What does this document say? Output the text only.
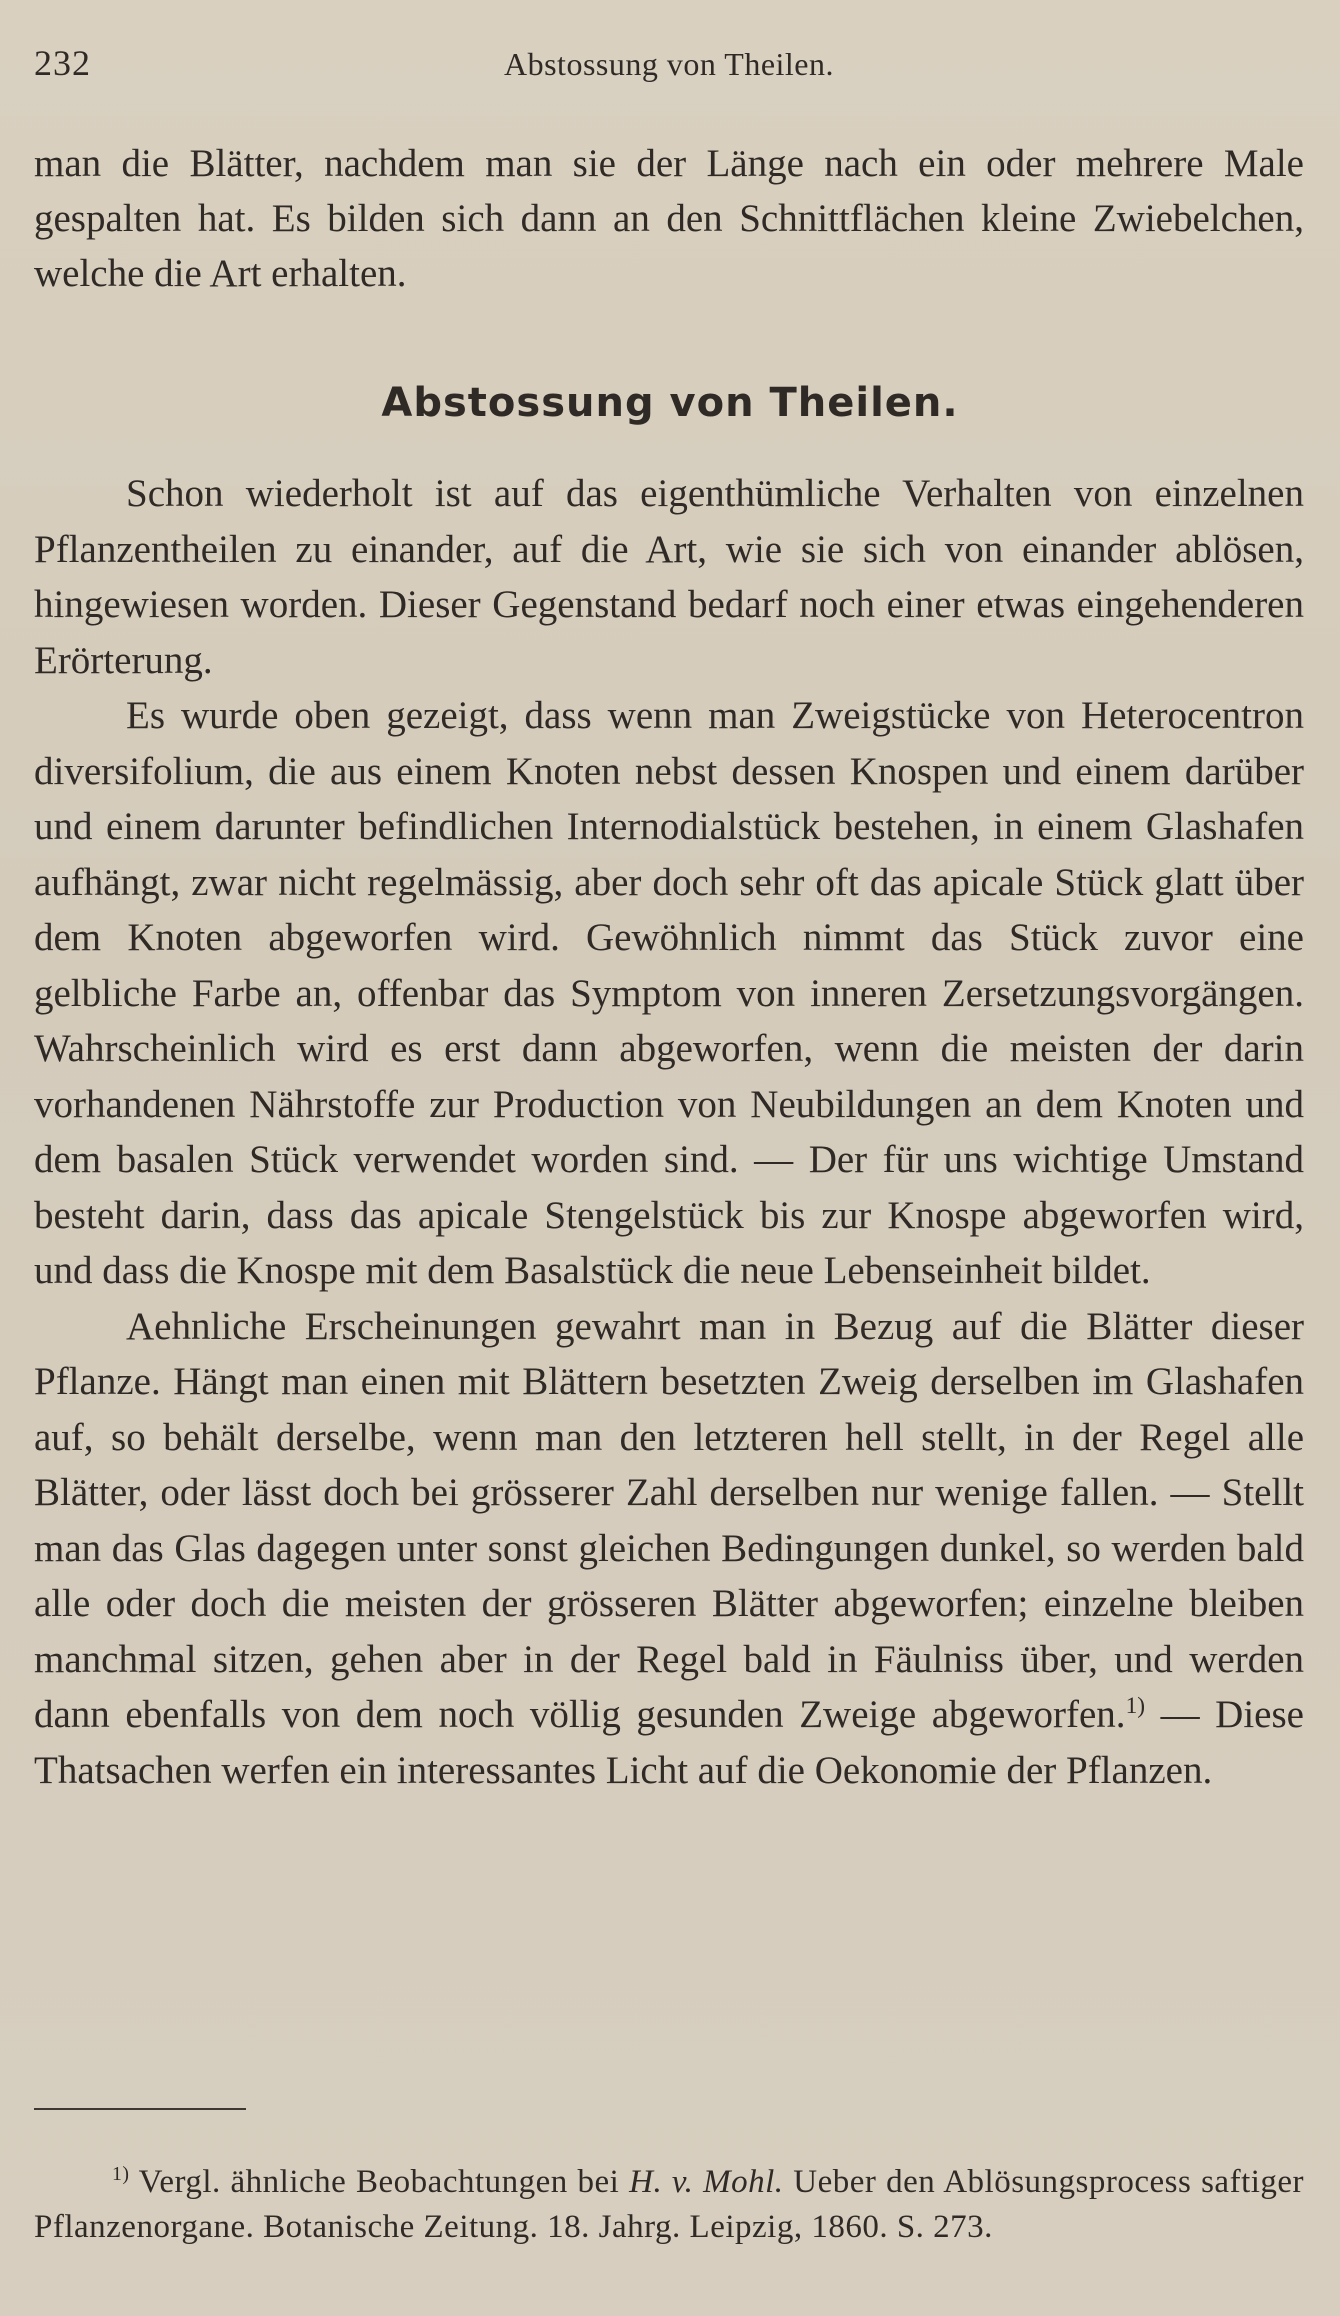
232	Abstossung von Theilen.

man die Blätter, nachdem man sie der Länge nach ein oder mehrere Male gespalten hat. Es bilden sich dann an den Schnittflächen kleine Zwiebelchen, welche die Art erhalten.

Abstossung von Theilen.

Schon wiederholt ist auf das eigenthümliche Verhalten von einzelnen Pflanzentheilen zu einander, auf die Art, wie sie sich von einander ablösen, hingewiesen worden. Dieser Gegenstand bedarf noch einer etwas eingehenderen Erörterung.

Es wurde oben gezeigt, dass wenn man Zweigstücke von Heterocentron diversifolium, die aus einem Knoten nebst dessen Knospen und einem darüber und einem darunter befindlichen Internodialstück bestehen, in einem Glashafen aufhängt, zwar nicht regelmässig, aber doch sehr oft das apicale Stück glatt über dem Knoten abgeworfen wird. Gewöhnlich nimmt das Stück zuvor eine gelbliche Farbe an, offenbar das Symptom von inneren Zersetzungsvorgängen. Wahrscheinlich wird es erst dann abgeworfen, wenn die meisten der darin vorhandenen Nährstoffe zur Production von Neubildungen an dem Knoten und dem basalen Stück verwendet worden sind. — Der für uns wichtige Umstand besteht darin, dass das apicale Stengelstück bis zur Knospe abgeworfen wird, und dass die Knospe mit dem Basalstück die neue Lebenseinheit bildet.

Aehnliche Erscheinungen gewahrt man in Bezug auf die Blätter dieser Pflanze. Hängt man einen mit Blättern besetzten Zweig derselben im Glashafen auf, so behält derselbe, wenn man den letzteren hell stellt, in der Regel alle Blätter, oder lässt doch bei grösserer Zahl derselben nur wenige fallen. — Stellt man das Glas dagegen unter sonst gleichen Bedingungen dunkel, so werden bald alle oder doch die meisten der grösseren Blätter abgeworfen; einzelne bleiben manchmal sitzen, gehen aber in der Regel bald in Fäulniss über, und werden dann ebenfalls von dem noch völlig gesunden Zweige abgeworfen.$^{1)}$ — Diese Thatsachen werfen ein interessantes Licht auf die Oekonomie der Pflanzen.

$^{1)}$ Vergl. ähnliche Beobachtungen bei H. v. Mohl. Ueber den Ablösungsprocess saftiger Pflanzenorgane. Botanische Zeitung. 18. Jahrg. Leipzig, 1860. S. 273.
